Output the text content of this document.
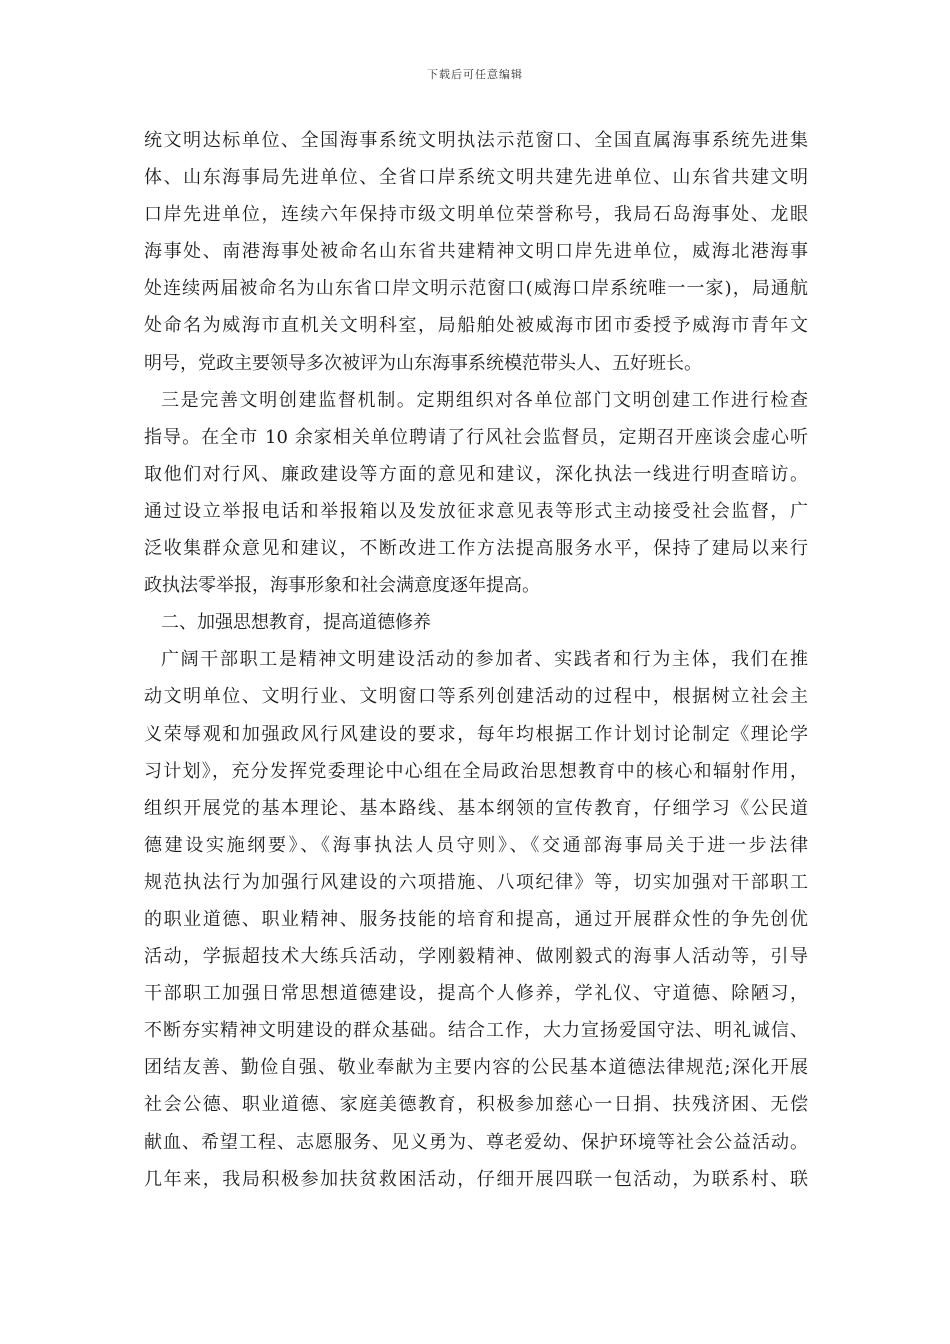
下载后可任意编辑
统文明达标单位、全国海事系统文明执法示范窗口、全国直属海事系统先进集
体、山东海事局先进单位、全省口岸系统文明共建先进单位、山东省共建文明
口岸先进单位，连续六年保持市级文明单位荣誉称号，我局石岛海事处、龙眼
海事处、南港海事处被命名山东省共建精神文明口岸先进单位，威海北港海事
处连续两届被命名为山东省口岸文明示范窗口(威海口岸系统唯一一家)，局通航
处命名为威海市直机关文明科室，局船舶处被威海市团市委授予威海市青年文
明号，党政主要领导多次被评为山东海事系统模范带头人、五好班长。
三是完善文明创建监督机制。定期组织对各单位部门文明创建工作进行检查
指导。在全市 10 余家相关单位聘请了行风社会监督员，定期召开座谈会虚心听
取他们对行风、廉政建设等方面的意见和建议，深化执法一线进行明查暗访。
通过设立举报电话和举报箱以及发放征求意见表等形式主动接受社会监督，广
泛收集群众意见和建议，不断改进工作方法提高服务水平，保持了建局以来行
政执法零举报，海事形象和社会满意度逐年提高。
二、加强思想教育，提高道德修养
广阔干部职工是精神文明建设活动的参加者、实践者和行为主体，我们在推
动文明单位、文明行业、文明窗口等系列创建活动的过程中，根据树立社会主
义荣辱观和加强政风行风建设的要求，每年均根据工作计划讨论制定《理论学
习计划》，充分发挥党委理论中心组在全局政治思想教育中的核心和辐射作用，
组织开展党的基本理论、基本路线、基本纲领的宣传教育，仔细学习《公民道
德建设实施纲要》、《海事执法人员守则》、《交通部海事局关于进一步法律
规范执法行为加强行风建设的六项措施、八项纪律》等，切实加强对干部职工
的职业道德、职业精神、服务技能的培育和提高，通过开展群众性的争先创优
活动，学振超技术大练兵活动，学刚毅精神、做刚毅式的海事人活动等，引导
干部职工加强日常思想道德建设，提高个人修养，学礼仪、守道德、除陋习，
不断夯实精神文明建设的群众基础。结合工作，大力宣扬爱国守法、明礼诚信、
团结友善、勤俭自强、敬业奉献为主要内容的公民基本道德法律规范;深化开展
社会公德、职业道德、家庭美德教育，积极参加慈心一日捐、扶残济困、无偿
献血、希望工程、志愿服务、见义勇为、尊老爱幼、保护环境等社会公益活动。
几年来，我局积极参加扶贫救困活动，仔细开展四联一包活动，为联系村、联
